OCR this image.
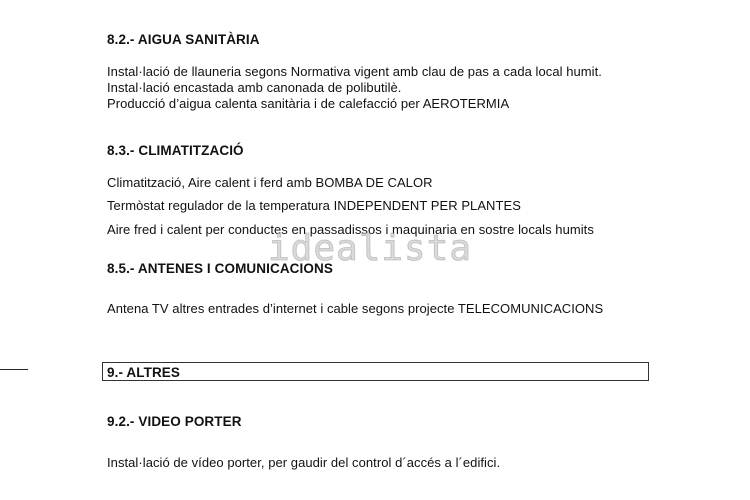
8.2.- AIGUA SANITÀRIA
Instal·lació de llauneria segons Normativa vigent amb clau de pas a cada local humit.
Instal·lació encastada amb canonada de polibutilè.
Producció d’aigua calenta sanitària i de calefacció per AEROTERMIA
8.3.- CLIMATITZACIÓ
Climatització, Aire calent i ferd amb BOMBA DE CALOR
Termòstat regulador de la temperatura INDEPENDENT PER PLANTES
Aire fred i calent per conductes en passadissos i maquinaria en sostre locals humits
idealista
8.5.- ANTENES I COMUNICACIONS
Antena TV altres entrades d’internet i cable segons projecte TELECOMUNICACIONS
9.- ALTRES
9.2.- VIDEO PORTER
Instal·lació de vídeo porter, per gaudir del control d´accés a l´edifici.
